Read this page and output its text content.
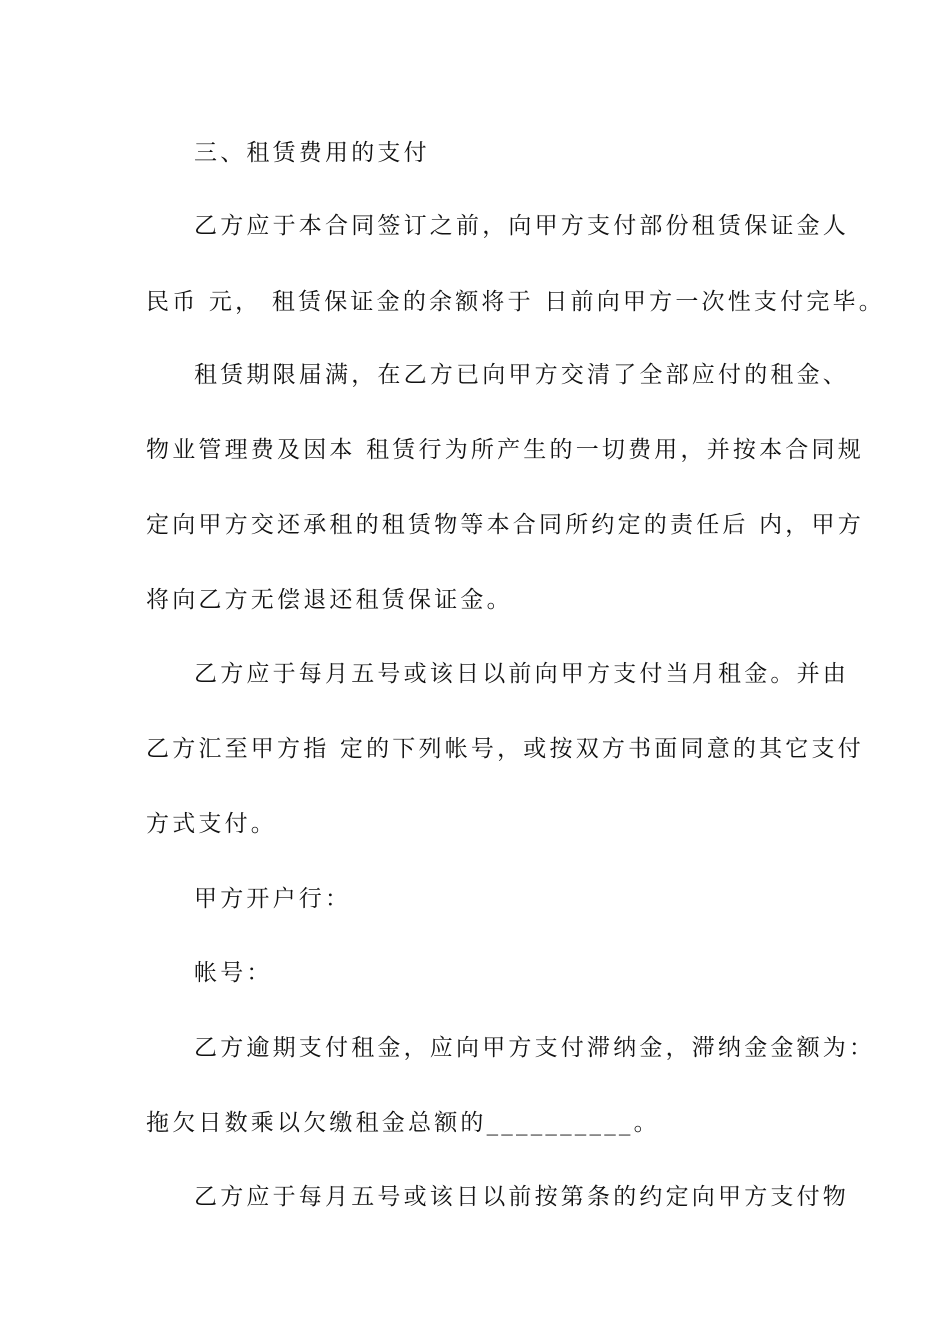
三、租赁费用的支付
乙方应于本合同签订之前，向甲方支付部份租赁保证金人
民币 元， 租赁保证金的余额将于 日前向甲方一次性支付完毕。
租赁期限届满，在乙方已向甲方交清了全部应付的租金、
物业管理费及因本 租赁行为所产生的一切费用，并按本合同规
定向甲方交还承租的租赁物等本合同所约定的责任后 内，甲方
将向乙方无偿退还租赁保证金。
乙方应于每月五号或该日以前向甲方支付当月租金。并由
乙方汇至甲方指 定的下列帐号，或按双方书面同意的其它支付
方式支付。
甲方开户行：
帐号：
乙方逾期支付租金，应向甲方支付滞纳金，滞纳金金额为：
拖欠日数乘以欠缴租金总额的__________。
乙方应于每月五号或该日以前按第条的约定向甲方支付物
